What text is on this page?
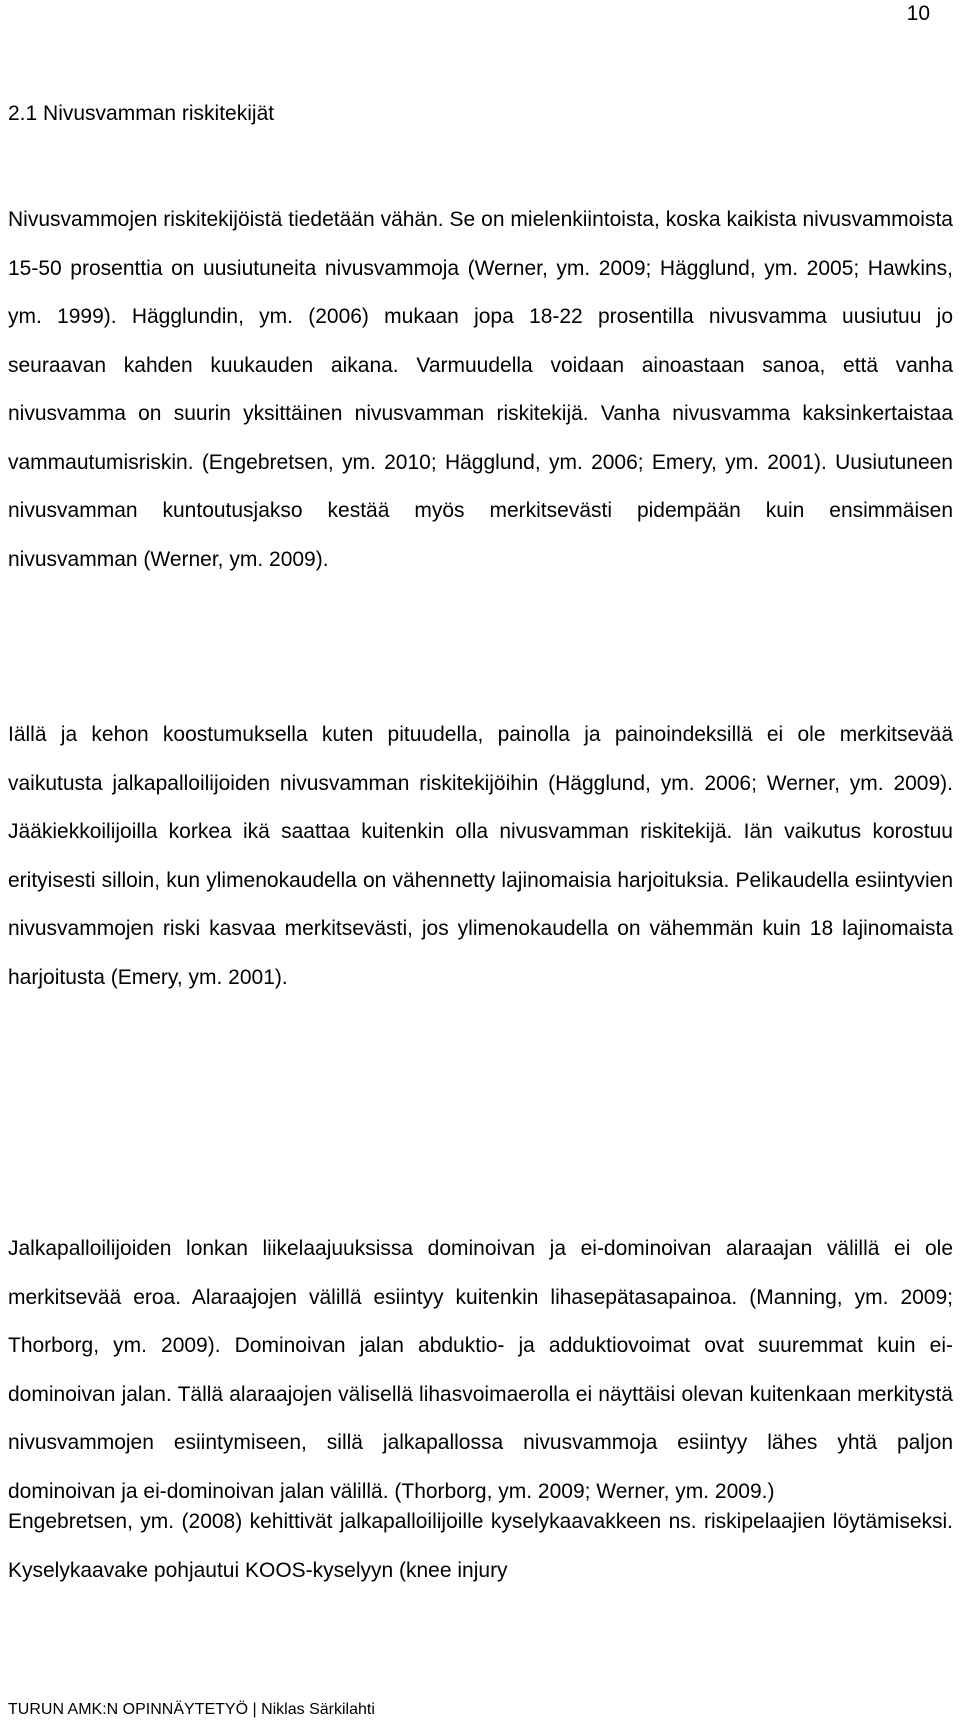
10
2.1 Nivusvamman riskitekijät

Nivusvammojen riskitekijöistä tiedetään vähän. Se on mielenkiintoista, koska kaikista nivusvammoista 15-50 prosenttia on uusiutuneita nivusvammoja (Werner, ym. 2009; Hägglund, ym. 2005; Hawkins, ym. 1999). Hägglundin, ym. (2006) mukaan jopa 18-22 prosentilla nivusvamma uusiutuu jo seuraavan kahden kuukauden aikana. Varmuudella voidaan ainoastaan sanoa, että vanha nivusvamma on suurin yksittäinen nivusvamman riskitekijä. Vanha nivusvamma kaksinkertaistaa vammautumisriskin. (Engebretsen, ym. 2010; Hägglund, ym. 2006; Emery, ym. 2001). Uusiutuneen nivusvamman kuntoutusjakso kestää myös merkitsevästi pidempään kuin ensimmäisen nivusvamman (Werner, ym. 2009).

Iällä ja kehon koostumuksella kuten pituudella, painolla ja painoindeksillä ei ole merkitsevää vaikutusta jalkapalloilijoiden nivusvamman riskitekijöihin (Hägglund, ym. 2006; Werner, ym. 2009). Jääkiekkoilijoilla korkea ikä saattaa kuitenkin olla nivusvamman riskitekijä. Iän vaikutus korostuu erityisesti silloin, kun ylimenokaudella on vähennetty lajinomaisia harjoituksia. Pelikaudella esiintyvien nivusvammojen riski kasvaa merkitsevästi, jos ylimenokaudella on vähemmän kuin 18 lajinomaista harjoitusta (Emery, ym. 2001).

Jalkapalloilijoiden lonkan liikelaajuuksissa dominoivan ja ei-dominoivan alaraajan välillä ei ole merkitsevää eroa. Alaraajojen välillä esiintyy kuitenkin lihasepätasapainoa. (Manning, ym. 2009; Thorborg, ym. 2009). Dominoivan jalan abduktio- ja adduktiovoimat ovat suuremmat kuin ei-dominoivan jalan. Tällä alaraajojen välisellä lihasvoimaerolla ei näyttäisi olevan kuitenkaan merkitystä nivusvammojen esiintymiseen, sillä jalkapallossa nivusvammoja esiintyy lähes yhtä paljon dominoivan ja ei-dominoivan jalan välillä. (Thorborg, ym. 2009; Werner, ym. 2009.)

Engebretsen, ym. (2008) kehittivät jalkapalloilijoille kyselykaavakkeen ns. riskipelaajien löytämiseksi. Kyselykaavake pohjautui KOOS-kyselyyn (knee injury

TURUN AMK:N OPINNÄYTETYÖ | Niklas Särkilahti
